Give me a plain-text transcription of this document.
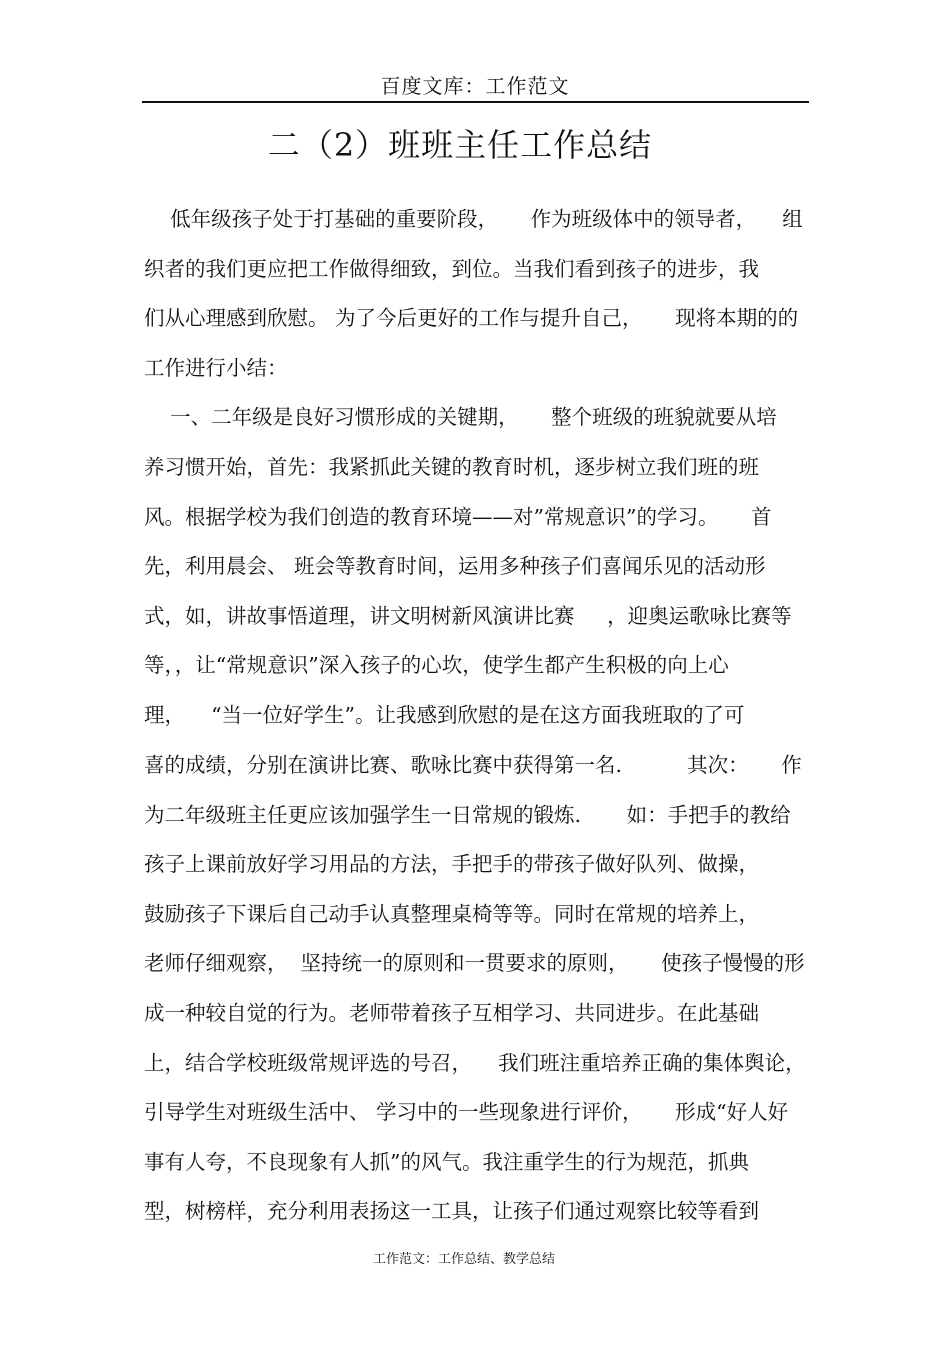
百度文库：工作范文
二（2）班班主任工作总结
低年级孩子处于打基础的重要阶段，     作为班级体中的领导者，    组
织者的我们更应把工作做得细致，到位。当我们看到孩子的进步，我
们从心理感到欣慰。 为了今后更好的工作与提升自己，     现将本期的的
工作进行小结：
一、二年级是良好习惯形成的关键期，     整个班级的班貌就要从培
养习惯开始，首先：我紧抓此关键的教育时机，逐步树立我们班的班
风。根据学校为我们创造的教育环境——对”常规意识”的学习。     首
先，利用晨会、 班会等教育时间，运用多种孩子们喜闻乐见的活动形
式，如，讲故事悟道理，讲文明树新风演讲比赛     ，迎奥运歌咏比赛等
等，，让“常规意识”深入孩子的心坎，使学生都产生积极的向上心
理，    “当一位好学生”。让我感到欣慰的是在这方面我班取的了可
喜的成绩，分别在演讲比赛、歌咏比赛中获得第一名.          其次：     作
为二年级班主任更应该加强学生一日常规的锻炼.       如：手把手的教给
孩子上课前放好学习用品的方法，手把手的带孩子做好队列、做操，
鼓励孩子下课后自己动手认真整理桌椅等等。同时在常规的培养上，
老师仔细观察，  坚持统一的原则和一贯要求的原则，     使孩子慢慢的形
成一种较自觉的行为。老师带着孩子互相学习、共同进步。在此基础
上，结合学校班级常规评选的号召，    我们班注重培养正确的集体舆论，
引导学生对班级生活中、 学习中的一些现象进行评价，     形成“好人好
事有人夸，不良现象有人抓”的风气。我注重学生的行为规范，抓典
型，树榜样，充分利用表扬这一工具，让孩子们通过观察比较等看到
工作范文：工作总结、教学总结
